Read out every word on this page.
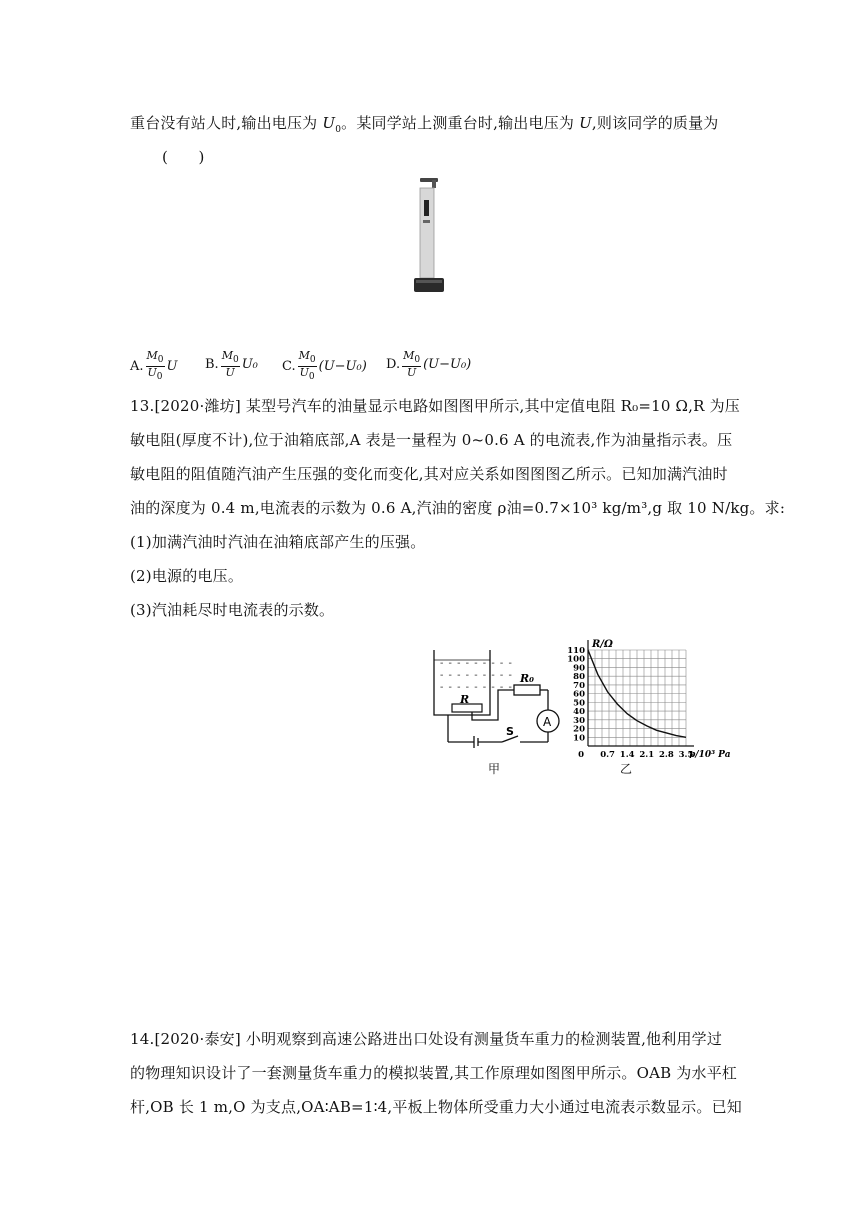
重台没有站人时,输出电压为 $U_0$。某同学站上测重台时,输出电压为 U,则该同学的质量为
(　　)
A. $\frac{M_0}{U_0}$ U B. $\frac{M_0}{U} U_0$ C. $\frac{M_0}{U_0} (U-U_0)$ D. $\frac{M_0}{U} (U-U_0)$
13.[2020·潍坊] 某型号汽车的油量显示电路如图图甲所示,其中定值电阻 R₀=10 Ω,R 为压
敏电阻(厚度不计),位于油箱底部,A 表是一量程为 0~0.6 A 的电流表,作为油量指示表。压
敏电阻的阻值随汽油产生压强的变化而变化,其对应关系如图图图乙所示。已知加满汽油时
油的深度为 0.4 m,电流表的示数为 0.6 A,汽油的密度 ρ油=0.7×10³ kg/m³,g 取 10 N/kg。求:
(1)加满汽油时汽油在油箱底部产生的压强。
(2)电源的电压。
(3)汽油耗尽时电流表的示数。
- - - - - - - - -
- - - - - - - - -
- - - - - - - - -
R
R₀
S
A
甲
10
20
30
40
50
60
70
80
90
100
110
0 0.7 1.4 2.1 2.8 3.5
R/Ω
p/10³ Pa
乙
14.[2020·泰安] 小明观察到高速公路进出口处设有测量货车重力的检测装置,他利用学过
的物理知识设计了一套测量货车重力的模拟装置,其工作原理如图图甲所示。OAB 为水平杠
杆,OB 长 1 m,O 为支点,OA∶AB=1∶4,平板上物体所受重力大小通过电流表示数显示。已知
